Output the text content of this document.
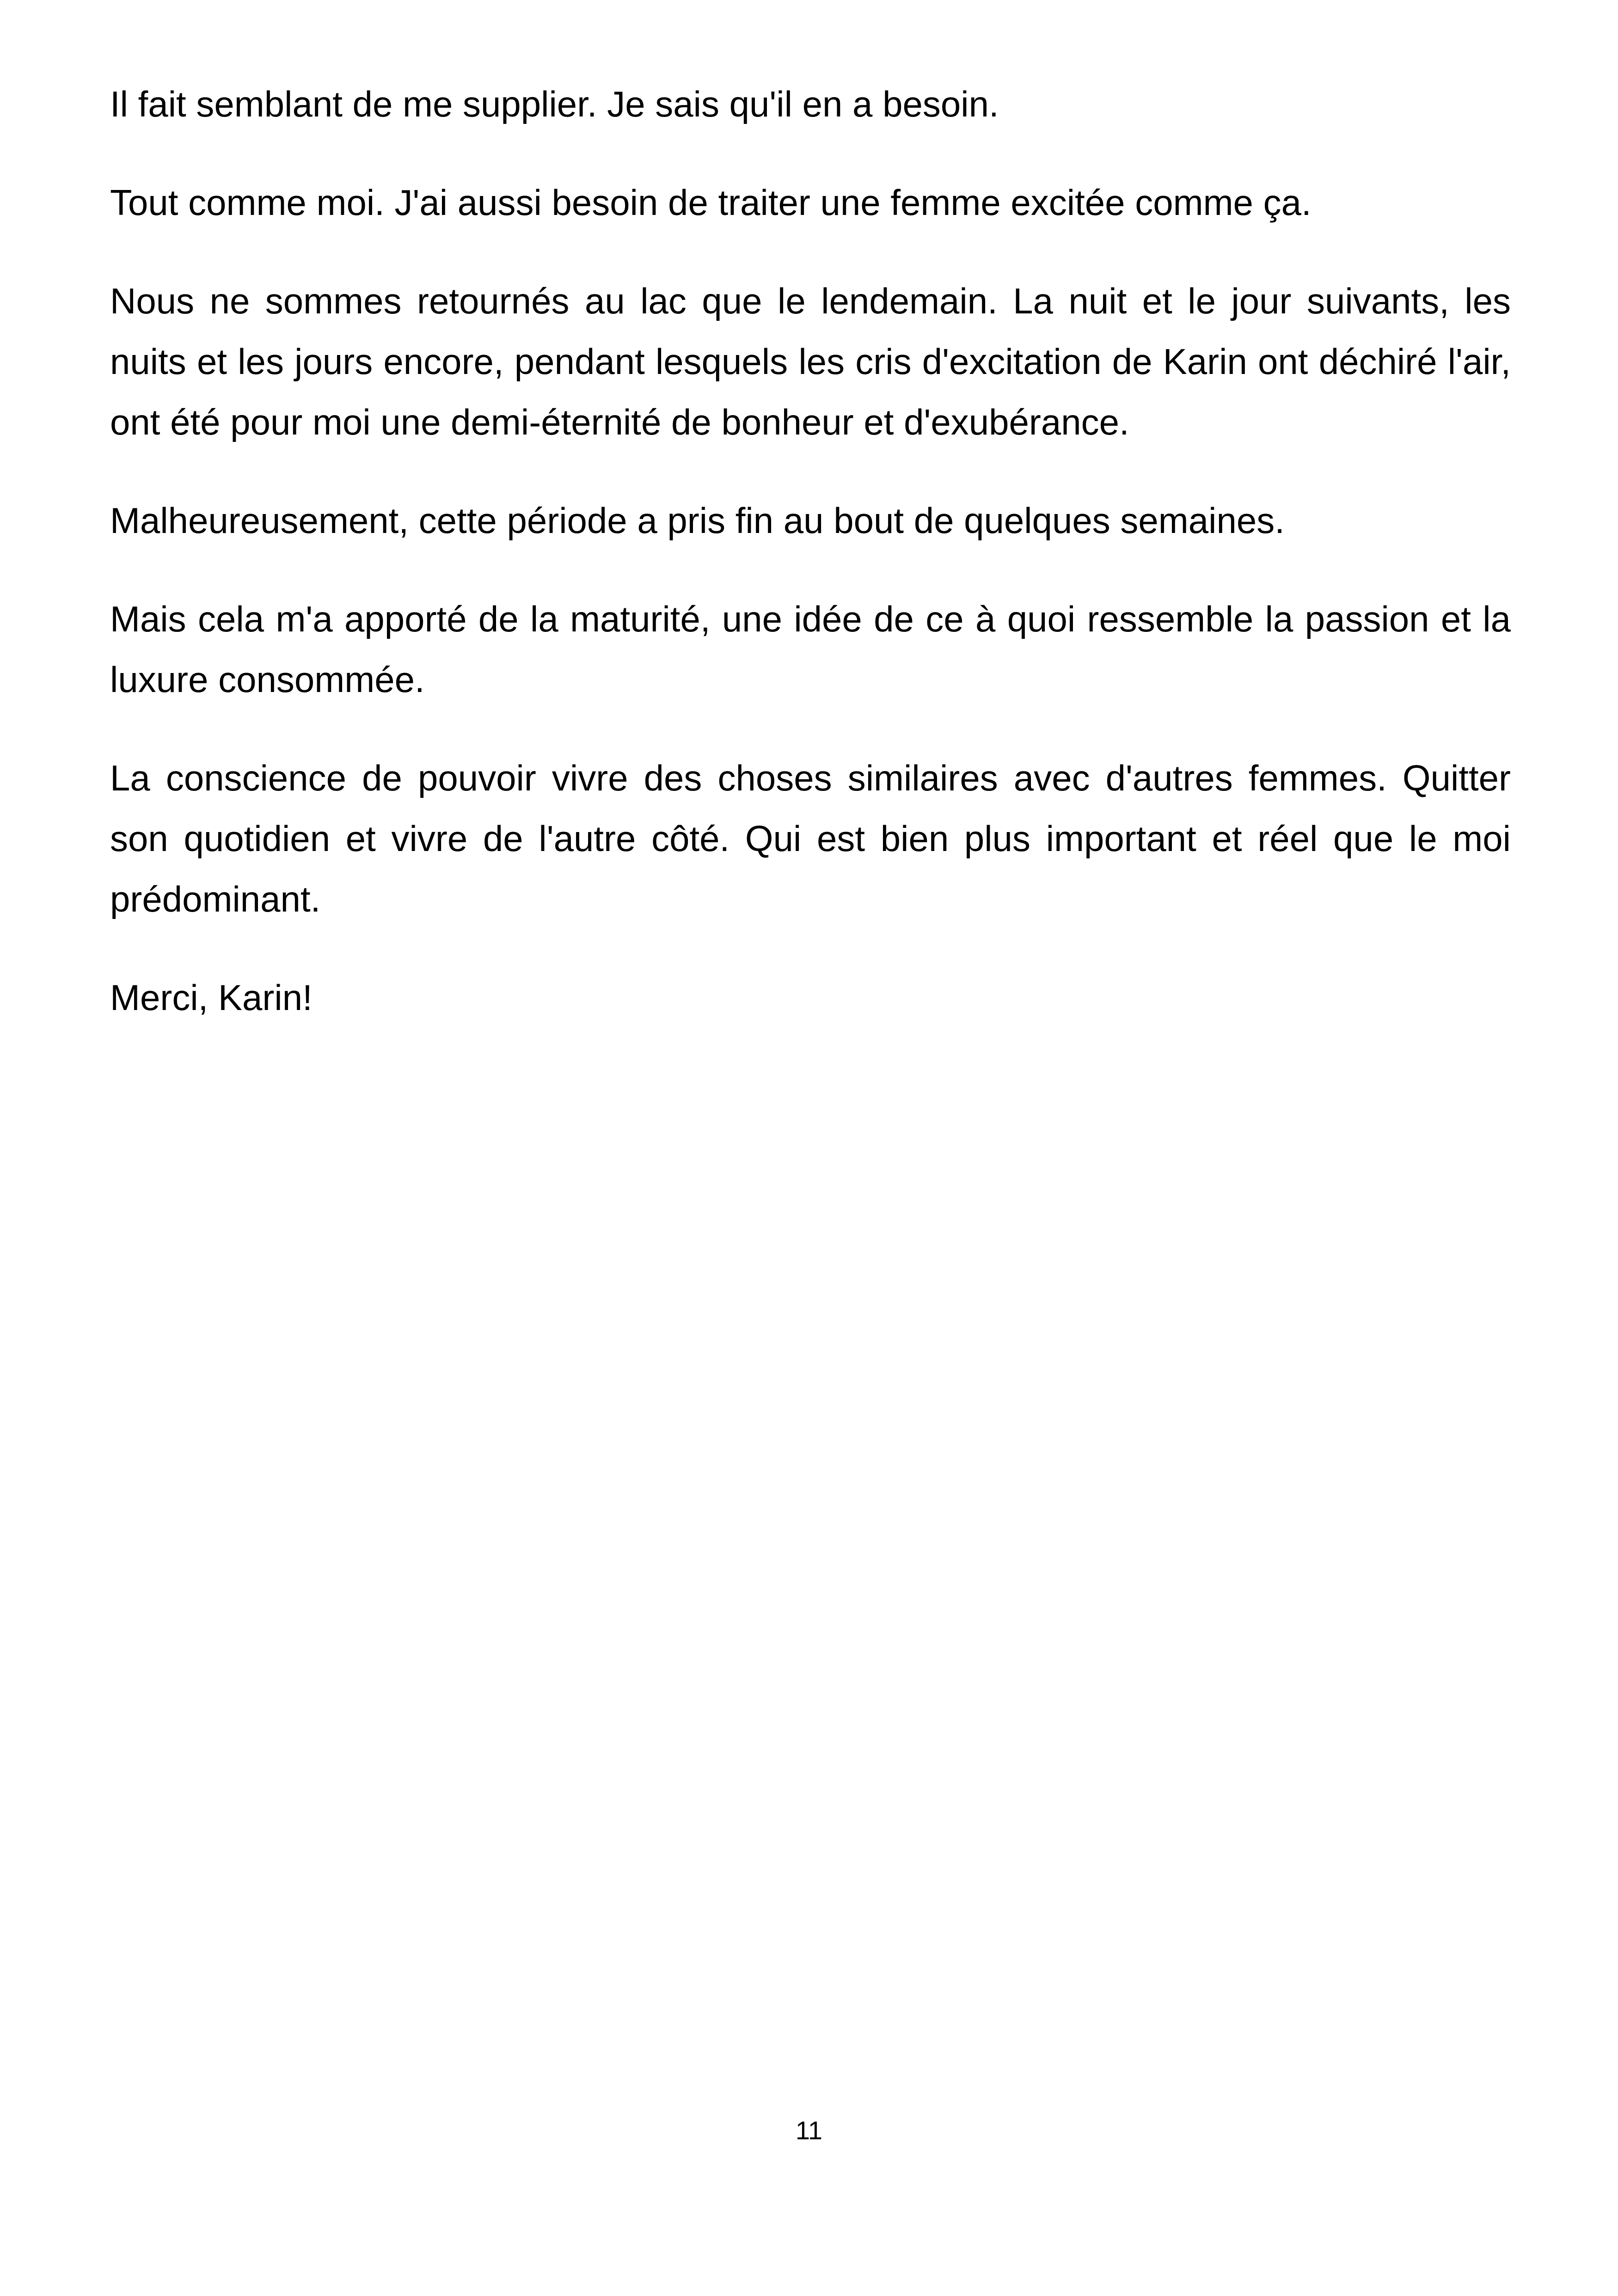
Il fait semblant de me supplier. Je sais qu'il en a besoin.

Tout comme moi. J'ai aussi besoin de traiter une femme excitée comme ça.

Nous ne sommes retournés au lac que le lendemain. La nuit et le jour suivants, les nuits et les jours encore, pendant lesquels les cris d'excitation de Karin ont déchiré l'air, ont été pour moi une demi-éternité de bonheur et d'exubérance.

Malheureusement, cette période a pris fin au bout de quelques semaines.

Mais cela m'a apporté de la maturité, une idée de ce à quoi ressemble la passion et la luxure consommée.

La conscience de pouvoir vivre des choses similaires avec d'autres femmes. Quitter son quotidien et vivre de l'autre côté. Qui est bien plus important et réel que le moi prédominant.

Merci, Karin!

11
